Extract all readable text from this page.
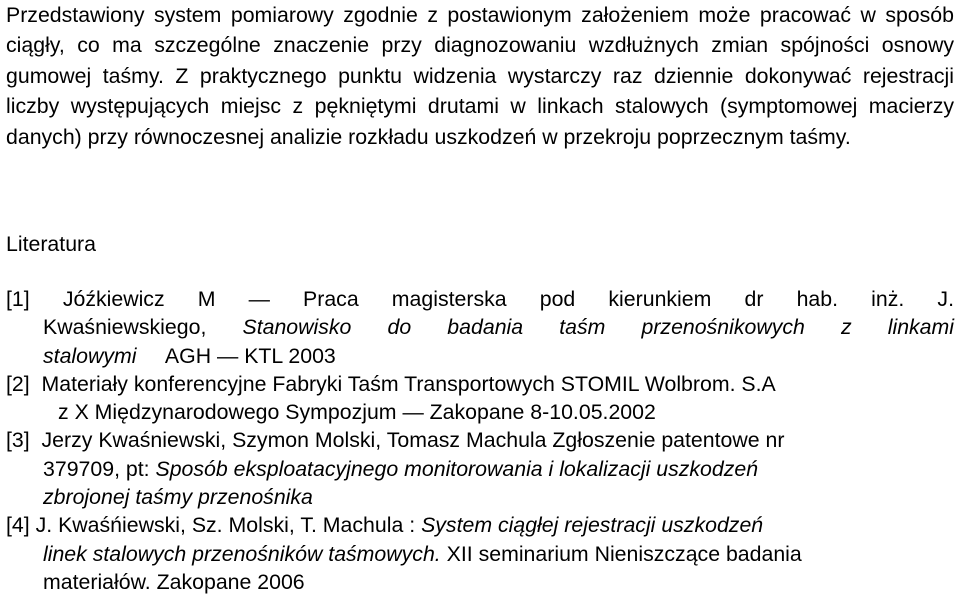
Przedstawiony system pomiarowy zgodnie z postawionym założeniem może pracować w sposób ciągły, co ma szczególne znaczenie przy diagnozowaniu wzdłużnych zmian spójności osnowy gumowej taśmy. Z praktycznego punktu widzenia wystarczy raz dziennie dokonywać rejestracji liczby występujących miejsc z pękniętymi drutami w linkach stalowych (symptomowej macierzy danych) przy równoczesnej analizie rozkładu uszkodzeń w przekroju poprzecznym taśmy.

Literatura

[1] Jóźkiewicz M — Praca magisterska pod kierunkiem dr hab. inż. J.
Kwaśniewskiego, Stanowisko do badania taśm przenośnikowych z linkami
stalowymi AGH — KTL 2003
[2] Materiały konferencyjne Fabryki Taśm Transportowych STOMIL Wolbrom. S.A
z X Międzynarodowego Sympozjum — Zakopane 8-10.05.2002
[3] Jerzy Kwaśniewski, Szymon Molski, Tomasz Machula Zgłoszenie patentowe nr
379709, pt: Sposób eksploatacyjnego monitorowania i lokalizacji uszkodzeń
zbrojonej taśmy przenośnika
[4] J. Kwaśńiewski, Sz. Molski, T. Machula : System ciągłej rejestracji uszkodzeń
linek stalowych przenośników taśmowych. XII seminarium Nieniszczące badania
materiałów. Zakopane 2006
